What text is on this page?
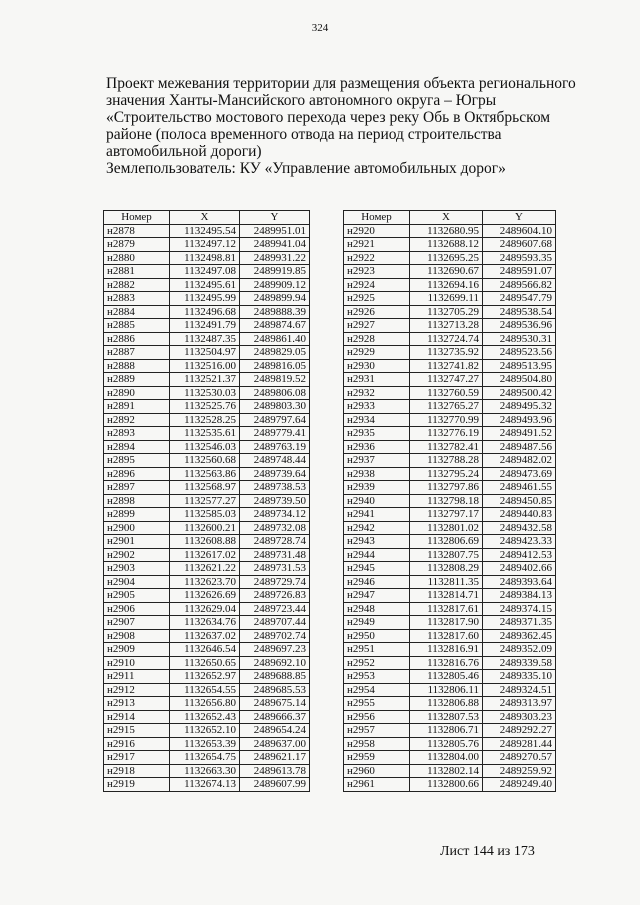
324
Проект межевания территории для размещения объекта регионального
значения Ханты-Мансийского автономного округа – Югры
«Строительство мостового перехода через реку Обь в Октябрьском
районе (полоса временного отвода на период строительства
автомобильной дороги)
Землепользователь: КУ «Управление автомобильных дорог»
Номер	X	Y
н2878	1132495.54	2489951.01
н2879	1132497.12	2489941.04
н2880	1132498.81	2489931.22
н2881	1132497.08	2489919.85
н2882	1132495.61	2489909.12
н2883	1132495.99	2489899.94
н2884	1132496.68	2489888.39
н2885	1132491.79	2489874.67
н2886	1132487.35	2489861.40
н2887	1132504.97	2489829.05
н2888	1132516.00	2489816.05
н2889	1132521.37	2489819.52
н2890	1132530.03	2489806.08
н2891	1132525.76	2489803.30
н2892	1132528.25	2489797.64
н2893	1132535.61	2489779.41
н2894	1132546.03	2489763.19
н2895	1132560.68	2489748.44
н2896	1132563.86	2489739.64
н2897	1132568.97	2489738.53
н2898	1132577.27	2489739.50
н2899	1132585.03	2489734.12
н2900	1132600.21	2489732.08
н2901	1132608.88	2489728.74
н2902	1132617.02	2489731.48
н2903	1132621.22	2489731.53
н2904	1132623.70	2489729.74
н2905	1132626.69	2489726.83
н2906	1132629.04	2489723.44
н2907	1132634.76	2489707.44
н2908	1132637.02	2489702.74
н2909	1132646.54	2489697.23
н2910	1132650.65	2489692.10
н2911	1132652.97	2489688.85
н2912	1132654.55	2489685.53
н2913	1132656.80	2489675.14
н2914	1132652.43	2489666.37
н2915	1132652.10	2489654.24
н2916	1132653.39	2489637.00
н2917	1132654.75	2489621.17
н2918	1132663.30	2489613.78
н2919	1132674.13	2489607.99
Номер	X	Y
н2920	1132680.95	2489604.10
н2921	1132688.12	2489607.68
н2922	1132695.25	2489593.35
н2923	1132690.67	2489591.07
н2924	1132694.16	2489566.82
н2925	1132699.11	2489547.79
н2926	1132705.29	2489538.54
н2927	1132713.28	2489536.96
н2928	1132724.74	2489530.31
н2929	1132735.92	2489523.56
н2930	1132741.82	2489513.95
н2931	1132747.27	2489504.80
н2932	1132760.59	2489500.42
н2933	1132765.27	2489495.32
н2934	1132770.99	2489493.96
н2935	1132776.19	2489491.52
н2936	1132782.41	2489487.56
н2937	1132788.28	2489482.02
н2938	1132795.24	2489473.69
н2939	1132797.86	2489461.55
н2940	1132798.18	2489450.85
н2941	1132797.17	2489440.83
н2942	1132801.02	2489432.58
н2943	1132806.69	2489423.33
н2944	1132807.75	2489412.53
н2945	1132808.29	2489402.66
н2946	1132811.35	2489393.64
н2947	1132814.71	2489384.13
н2948	1132817.61	2489374.15
н2949	1132817.90	2489371.35
н2950	1132817.60	2489362.45
н2951	1132816.91	2489352.09
н2952	1132816.76	2489339.58
н2953	1132805.46	2489335.10
н2954	1132806.11	2489324.51
н2955	1132806.88	2489313.97
н2956	1132807.53	2489303.23
н2957	1132806.71	2489292.27
н2958	1132805.76	2489281.44
н2959	1132804.00	2489270.57
н2960	1132802.14	2489259.92
н2961	1132800.66	2489249.40
Лист 144 из 173
